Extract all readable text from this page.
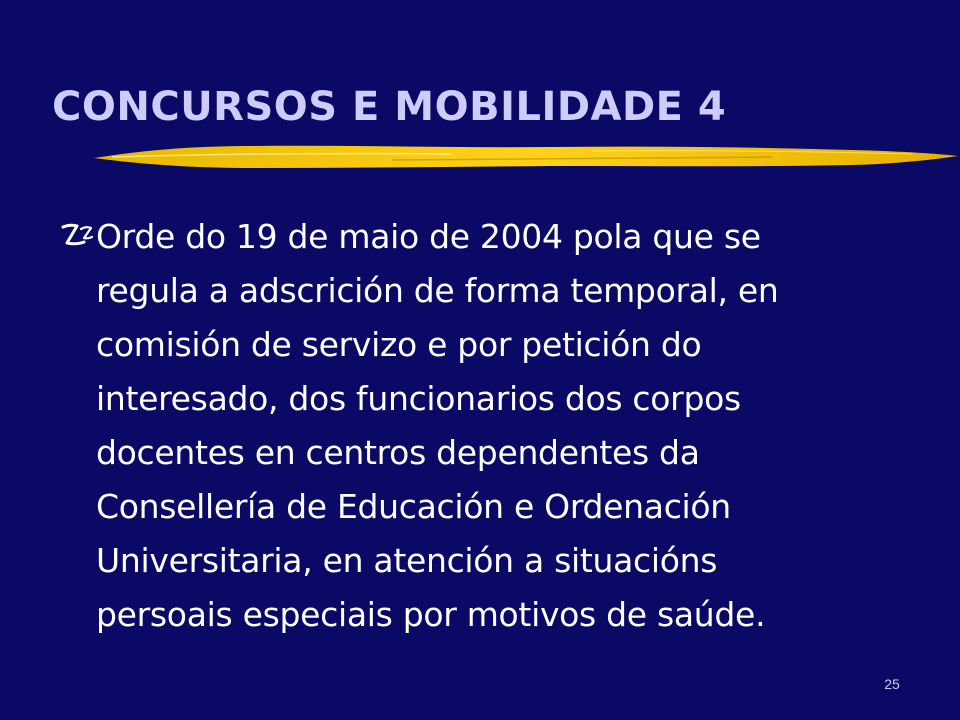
CONCURSOS E MOBILIDADE 4

Orde do 19 de maio de 2004 pola que se
regula a adscrición de forma temporal, en
comisión de servizo e por petición do
interesado, dos funcionarios dos corpos
docentes en centros dependentes da
Consellería de Educación e Ordenación
Universitaria, en atención a situacións
persoais especiais por motivos de saúde.

25
